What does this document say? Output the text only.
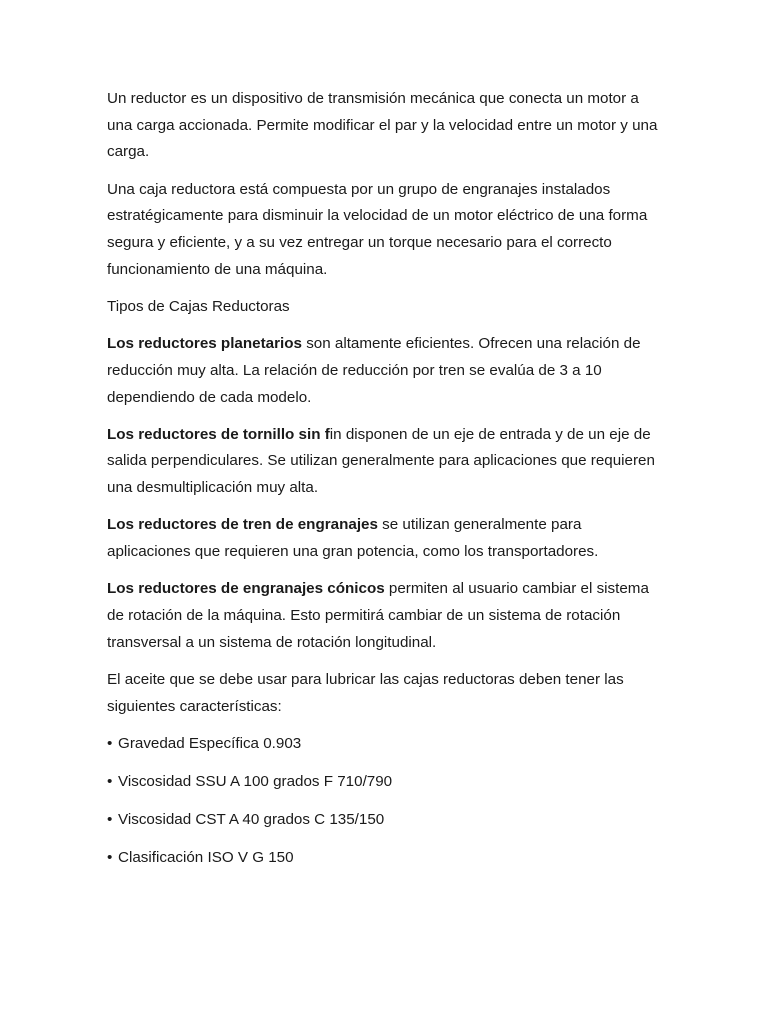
Un reductor es un dispositivo de transmisión mecánica que conecta un motor a una carga accionada. Permite modificar el par y la velocidad entre un motor y una carga.

Una caja reductora está compuesta por un grupo de engranajes instalados estratégicamente para disminuir la velocidad de un motor eléctrico de una forma segura y eficiente, y a su vez entregar un torque necesario para el correcto funcionamiento de una máquina.

Tipos de Cajas Reductoras

Los reductores planetarios son altamente eficientes. Ofrecen una relación de reducción muy alta. La relación de reducción por tren se evalúa de 3 a 10 dependiendo de cada modelo.

Los reductores de tornillo sin fin disponen de un eje de entrada y de un eje de salida perpendiculares. Se utilizan generalmente para aplicaciones que requieren una desmultiplicación muy alta.

Los reductores de tren de engranajes se utilizan generalmente para aplicaciones que requieren una gran potencia, como los transportadores.

Los reductores de engranajes cónicos permiten al usuario cambiar el sistema de rotación de la máquina. Esto permitirá cambiar de un sistema de rotación transversal a un sistema de rotación longitudinal.

El aceite que se debe usar para lubricar las cajas reductoras deben tener las siguientes características:

• Gravedad Específica 0.903
• Viscosidad SSU A 100 grados F 710/790
• Viscosidad CST A 40 grados C 135/150
• Clasificación ISO V G 150
